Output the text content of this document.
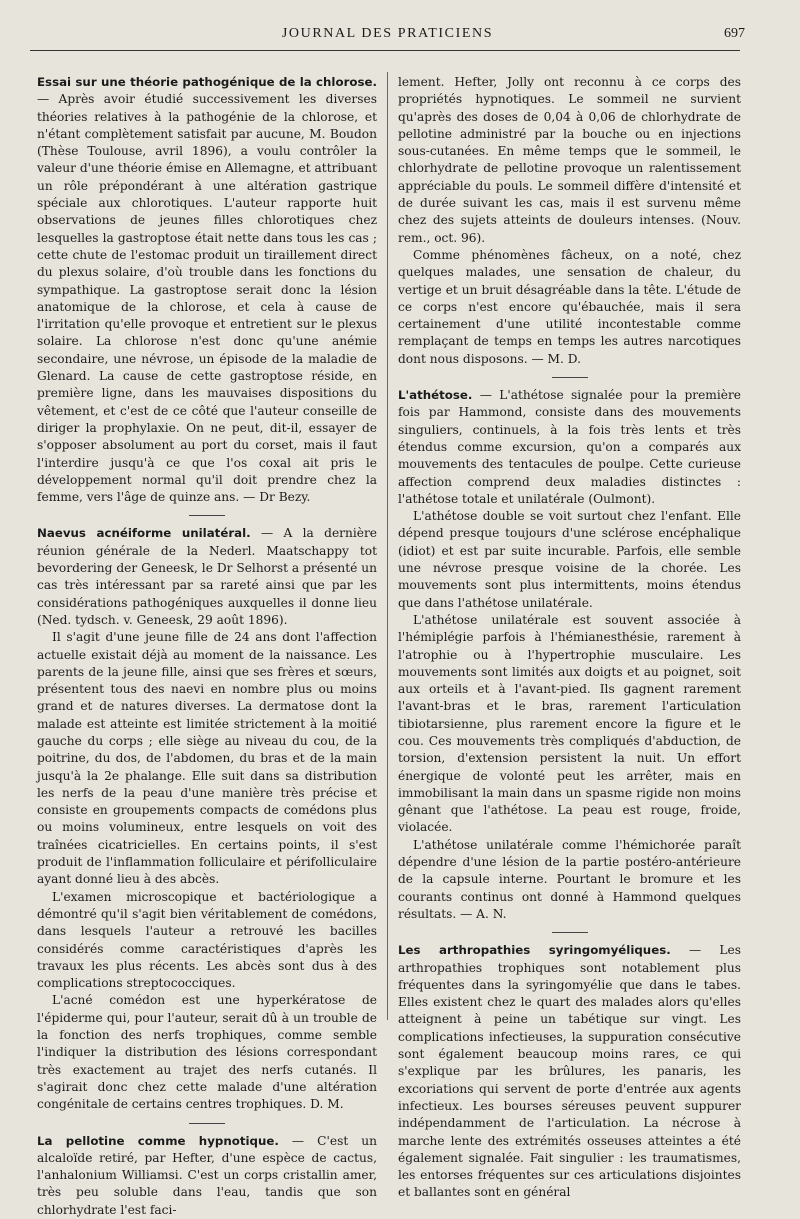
JOURNAL DES PRATICIENS	697

Essai sur une théorie pathogénique de la chlorose. — Après avoir étudié successivement les diverses théories relatives à la pathogénie de la chlorose, et n'étant complètement satisfait par aucune, M. Boudon (Thèse Toulouse, avril 1896), a voulu contrôler la valeur d'une théorie émise en Allemagne, et attribuant un rôle prépondérant à une altération gastrique spéciale aux chlorotiques. L'auteur rapporte huit observations de jeunes filles chlorotiques chez lesquelles la gastroptose était nette dans tous les cas ; cette chute de l'estomac produit un tiraillement direct du plexus solaire, d'où trouble dans les fonctions du sympathique. La gastroptose serait donc la lésion anatomique de la chlorose, et cela à cause de l'irritation qu'elle provoque et entretient sur le plexus solaire. La chlorose n'est donc qu'une anémie secondaire, une névrose, un épisode de la maladie de Glenard. La cause de cette gastroptose réside, en première ligne, dans les mauvaises dispositions du vêtement, et c'est de ce côté que l'auteur conseille de diriger la prophylaxie. On ne peut, dit-il, essayer de s'opposer absolument au port du corset, mais il faut l'interdire jusqu'à ce que l'os coxal ait pris le développement normal qu'il doit prendre chez la femme, vers l'âge de quinze ans. — Dr Bezy.

Naevus acnéiforme unilatéral. — A la dernière réunion générale de la Nederl. Maatschappy tot bevordering der Geneesk, le Dr Selhorst a présenté un cas très intéressant par sa rareté ainsi que par les considérations pathogéniques auxquelles il donne lieu (Ned. tydsch. v. Geneesk, 29 août 1896).

Il s'agit d'une jeune fille de 24 ans dont l'affection actuelle existait déjà au moment de la naissance. Les parents de la jeune fille, ainsi que ses frères et sœurs, présentent tous des naevi en nombre plus ou moins grand et de natures diverses. La dermatose dont la malade est atteinte est limitée strictement à la moitié gauche du corps ; elle siège au niveau du cou, de la poitrine, du dos, de l'abdomen, du bras et de la main jusqu'à la 2e phalange. Elle suit dans sa distribution les nerfs de la peau d'une manière très précise et consiste en groupements compacts de comédons plus ou moins volumineux, entre lesquels on voit des traînées cicatricielles. En certains points, il s'est produit de l'inflammation folliculaire et périfolliculaire ayant donné lieu à des abcès.

L'examen microscopique et bactériologique a démontré qu'il s'agit bien véritablement de comédons, dans lesquels l'auteur a retrouvé les bacilles considérés comme caractéristiques d'après les travaux les plus récents. Les abcès sont dus à des complications streptococciques.

L'acné comédon est une hyperkératose de l'épiderme qui, pour l'auteur, serait dû à un trouble de la fonction des nerfs trophiques, comme semble l'indiquer la distribution des lésions correspondant très exactement au trajet des nerfs cutanés. Il s'agirait donc chez cette malade d'une altération congénitale de certains centres trophiques. D. M.

La pellotine comme hypnotique. — C'est un alcaloïde retiré, par Hefter, d'une espèce de cactus, l'anhalonium Williamsi. C'est un corps cristallin amer, très peu soluble dans l'eau, tandis que son chlorhydrate l'est faci-

lement. Hefter, Jolly ont reconnu à ce corps des propriétés hypnotiques. Le sommeil ne survient qu'après des doses de 0,04 à 0,06 de chlorhydrate de pellotine administré par la bouche ou en injections sous-cutanées. En même temps que le sommeil, le chlorhydrate de pellotine provoque un ralentissement appréciable du pouls. Le sommeil diffère d'intensité et de durée suivant les cas, mais il est survenu même chez des sujets atteints de douleurs intenses. (Nouv. rem., oct. 96).

Comme phénomènes fâcheux, on a noté, chez quelques malades, une sensation de chaleur, du vertige et un bruit désagréable dans la tête. L'étude de ce corps n'est encore qu'ébauchée, mais il sera certainement d'une utilité incontestable comme remplaçant de temps en temps les autres narcotiques dont nous disposons. — M. D.

L'athétose. — L'athétose signalée pour la première fois par Hammond, consiste dans des mouvements singuliers, continuels, à la fois très lents et très étendus comme excursion, qu'on a comparés aux mouvements des tentacules de poulpe. Cette curieuse affection comprend deux maladies distinctes : l'athétose totale et unilatérale (Oulmont).

L'athétose double se voit surtout chez l'enfant. Elle dépend presque toujours d'une sclérose encéphalique (idiot) et est par suite incurable. Parfois, elle semble une névrose presque voisine de la chorée. Les mouvements sont plus intermittents, moins étendus que dans l'athétose unilatérale.

L'athétose unilatérale est souvent associée à l'hémiplégie parfois à l'hémianesthésie, rarement à l'atrophie ou à l'hypertrophie musculaire. Les mouvements sont limités aux doigts et au poignet, soit aux orteils et à l'avant-pied. Ils gagnent rarement l'avant-bras et le bras, rarement l'articulation tibiotarsienne, plus rarement encore la figure et le cou. Ces mouvements très compliqués d'abduction, de torsion, d'extension persistent la nuit. Un effort énergique de volonté peut les arrêter, mais en immobilisant la main dans un spasme rigide non moins gênant que l'athétose. La peau est rouge, froide, violacée.

L'athétose unilatérale comme l'hémichorée paraît dépendre d'une lésion de la partie postéro-antérieure de la capsule interne. Pourtant le bromure et les courants continus ont donné à Hammond quelques résultats. — A. N.

Les arthropathies syringomyéliques. — Les arthropathies trophiques sont notablement plus fréquentes dans la syringomyélie que dans le tabes. Elles existent chez le quart des malades alors qu'elles atteignent à peine un tabétique sur vingt. Les complications infectieuses, la suppuration consécutive sont également beaucoup moins rares, ce qui s'explique par les brûlures, les panaris, les excoriations qui servent de porte d'entrée aux agents infectieux. Les bourses séreuses peuvent suppurer indépendamment de l'articulation. La nécrose à marche lente des extrémités osseuses atteintes a été également signalée. Fait singulier : les traumatismes, les entorses fréquentes sur ces articulations disjointes et ballantes sont en général
